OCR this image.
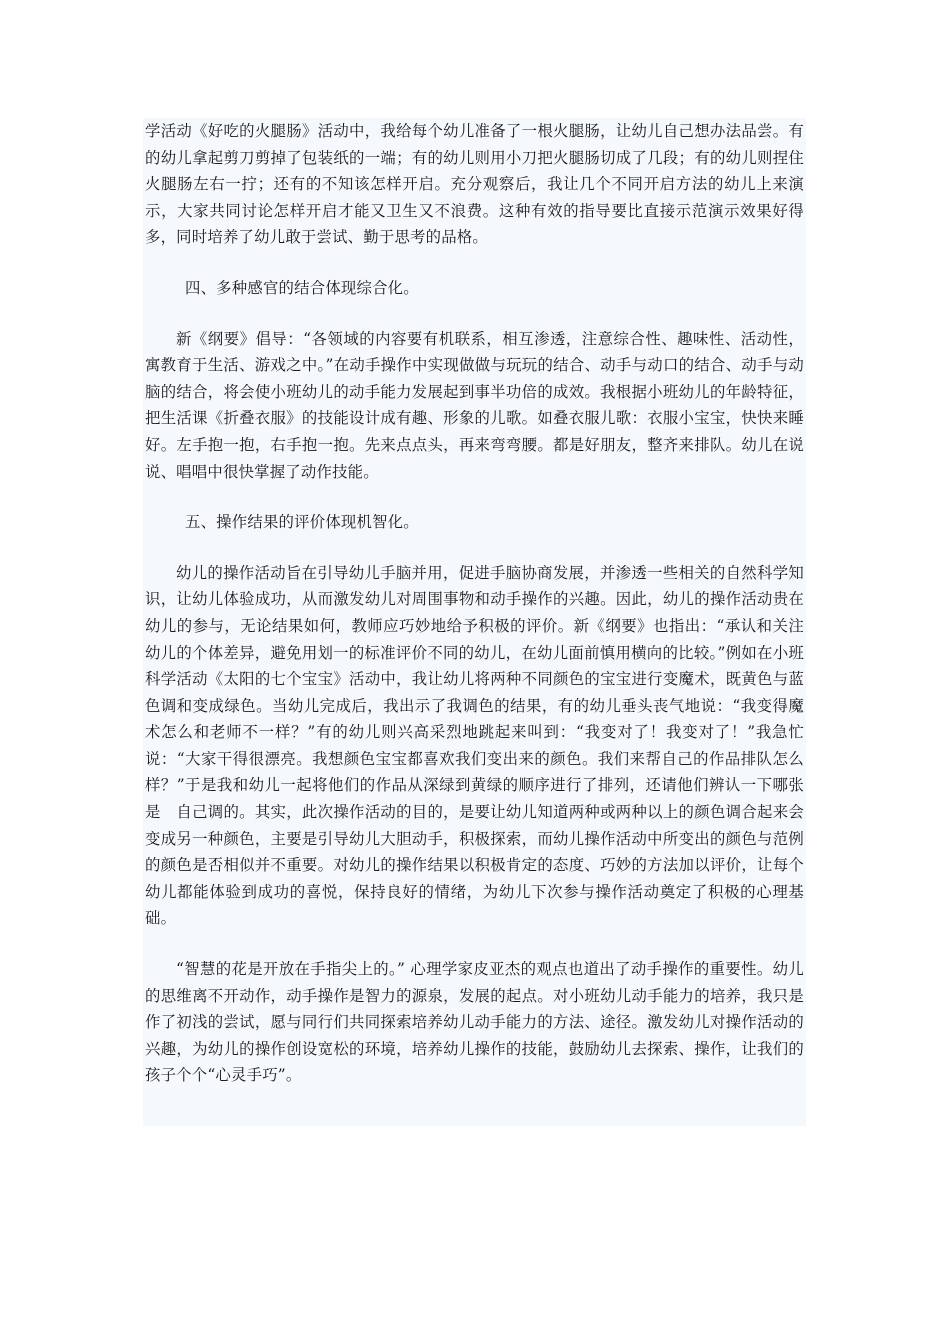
学活动《好吃的火腿肠》活动中，我给每个幼儿准备了一根火腿肠，让幼儿自己想办法品尝。有的幼儿拿起剪刀剪掉了包装纸的一端；有的幼儿则用小刀把火腿肠切成了几段；有的幼儿则捏住火腿肠左右一拧；还有的不知该怎样开启。充分观察后，我让几个不同开启方法的幼儿上来演示，大家共同讨论怎样开启才能又卫生又不浪费。这种有效的指导要比直接示范演示效果好得多，同时培养了幼儿敢于尝试、勤于思考的品格。

四、多种感官的结合体现综合化。

新《纲要》倡导：“各领域的内容要有机联系，相互渗透，注意综合性、趣味性、活动性，寓教育于生活、游戏之中。”在动手操作中实现做做与玩玩的结合、动手与动口的结合、动手与动脑的结合，将会使小班幼儿的动手能力发展起到事半功倍的成效。我根据小班幼儿的年龄特征，把生活课《折叠衣服》的技能设计成有趣、形象的儿歌。如叠衣服儿歌：衣服小宝宝，快快来睡好。左手抱一抱，右手抱一抱。先来点点头，再来弯弯腰。都是好朋友，整齐来排队。幼儿在说说、唱唱中很快掌握了动作技能。

五、操作结果的评价体现机智化。

幼儿的操作活动旨在引导幼儿手脑并用，促进手脑协商发展，并渗透一些相关的自然科学知识，让幼儿体验成功，从而激发幼儿对周围事物和动手操作的兴趣。因此，幼儿的操作活动贵在幼儿的参与，无论结果如何，教师应巧妙地给予积极的评价。新《纲要》也指出：“承认和关注幼儿的个体差异，避免用划一的标准评价不同的幼儿，在幼儿面前慎用横向的比较。”例如在小班科学活动《太阳的七个宝宝》活动中，我让幼儿将两种不同颜色的宝宝进行变魔术，既黄色与蓝色调和变成绿色。当幼儿完成后，我出示了我调色的结果，有的幼儿垂头丧气地说：“我变得魔术怎么和老师不一样？”有的幼儿则兴高采烈地跳起来叫到：“我变对了！我变对了！”我急忙说：“大家干得很漂亮。我想颜色宝宝都喜欢我们变出来的颜色。我们来帮自己的作品排队怎么样？”于是我和幼儿一起将他们的作品从深绿到黄绿的顺序进行了排列，还请他们辨认一下哪张是　自己调的。其实，此次操作活动的目的，是要让幼儿知道两种或两种以上的颜色调合起来会变成另一种颜色，主要是引导幼儿大胆动手，积极探索，而幼儿操作活动中所变出的颜色与范例的颜色是否相似并不重要。对幼儿的操作结果以积极肯定的态度、巧妙的方法加以评价，让每个幼儿都能体验到成功的喜悦，保持良好的情绪，为幼儿下次参与操作活动奠定了积极的心理基础。

“智慧的花是开放在手指尖上的。” 心理学家皮亚杰的观点也道出了动手操作的重要性。幼儿的思维离不开动作，动手操作是智力的源泉，发展的起点。对小班幼儿动手能力的培养，我只是作了初浅的尝试，愿与同行们共同探索培养幼儿动手能力的方法、途径。激发幼儿对操作活动的兴趣，为幼儿的操作创设宽松的环境，培养幼儿操作的技能，鼓励幼儿去探索、操作，让我们的孩子个个“心灵手巧”。
